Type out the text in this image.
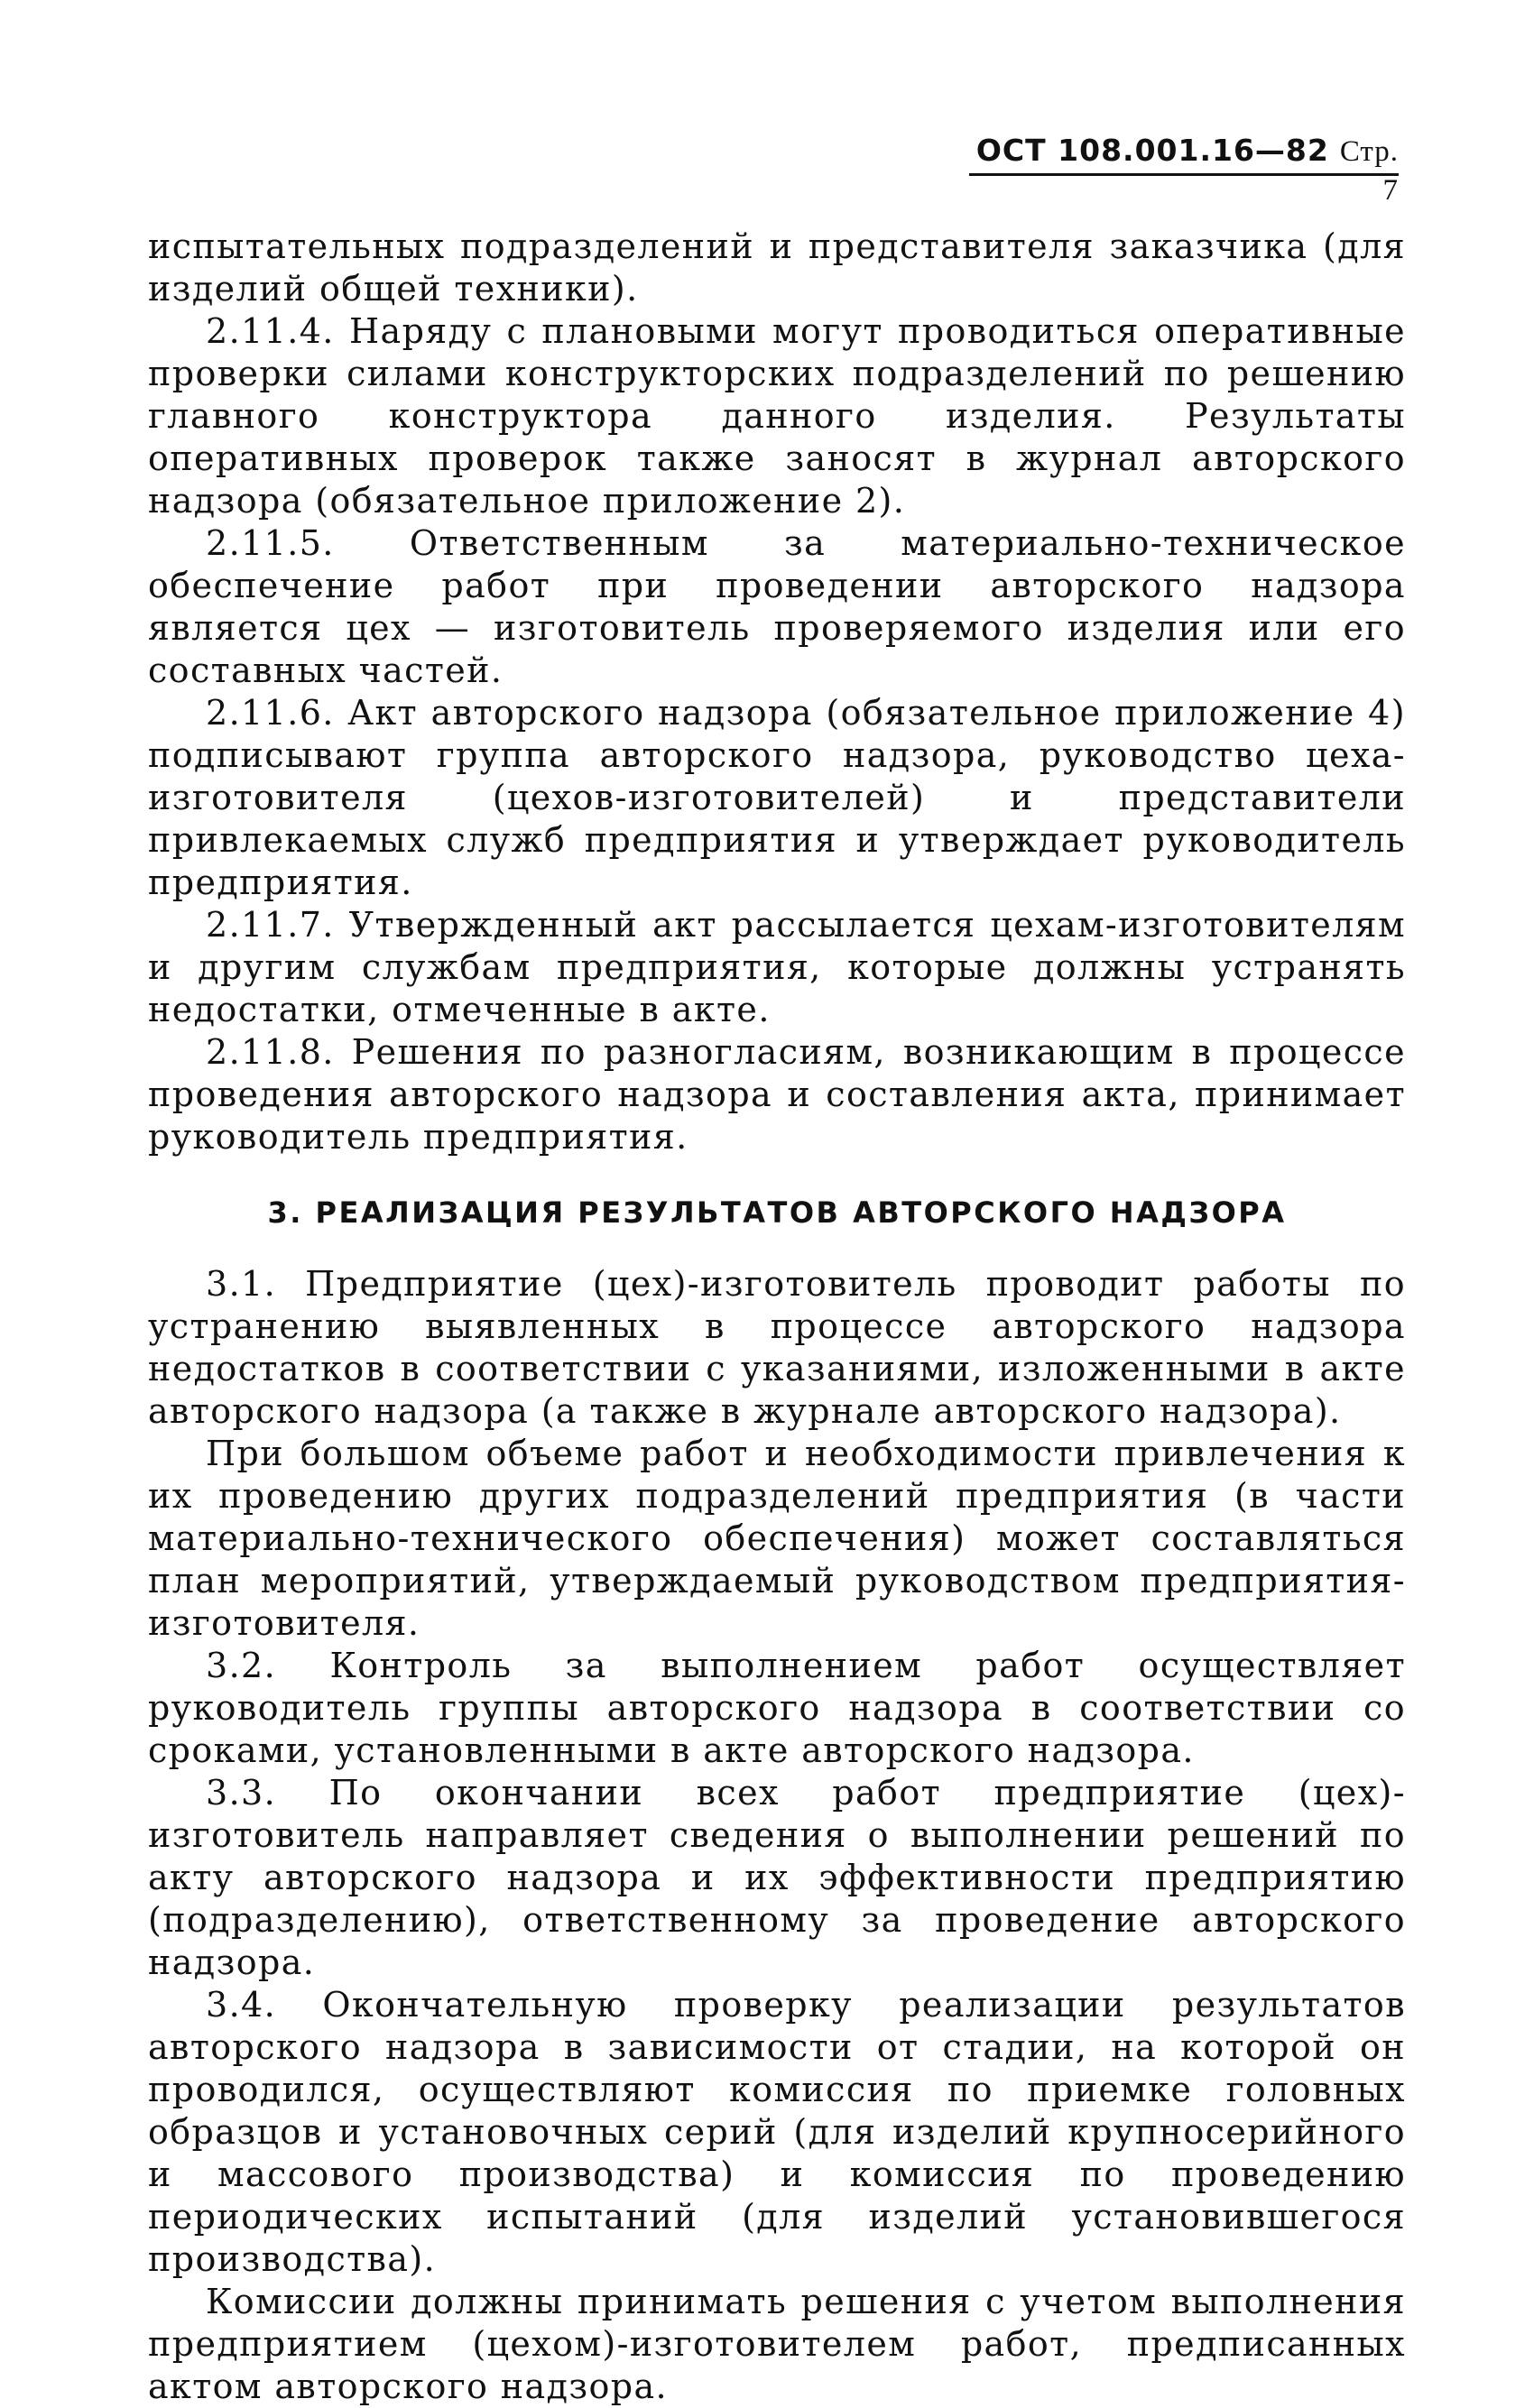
ОСТ 108.001.16—82 Стр. 7

испытательных подразделений и представителя заказчика (для изделий общей техники).

2.11.4. Наряду с плановыми могут проводиться оперативные проверки силами конструкторских подразделений по решению главного конструктора данного изделия. Результаты оперативных проверок также заносят в журнал авторского надзора (обязательное приложение 2).

2.11.5. Ответственным за материально-техническое обеспечение работ при проведении авторского надзора является цех — изготовитель проверяемого изделия или его составных частей.

2.11.6. Акт авторского надзора (обязательное приложение 4) подписывают группа авторского надзора, руководство цеха-изготовителя (цехов-изготовителей) и представители привлекаемых служб предприятия и утверждает руководитель предприятия.

2.11.7. Утвержденный акт рассылается цехам-изготовителям и другим службам предприятия, которые должны устранять недостатки, отмеченные в акте.

2.11.8. Решения по разногласиям, возникающим в процессе проведения авторского надзора и составления акта, принимает руководитель предприятия.

3. РЕАЛИЗАЦИЯ РЕЗУЛЬТАТОВ АВТОРСКОГО НАДЗОРА

3.1. Предприятие (цех)-изготовитель проводит работы по устранению выявленных в процессе авторского надзора недостатков в соответствии с указаниями, изложенными в акте авторского надзора (а также в журнале авторского надзора).

При большом объеме работ и необходимости привлечения к их проведению других подразделений предприятия (в части материально-технического обеспечения) может составляться план мероприятий, утверждаемый руководством предприятия-изготовителя.

3.2. Контроль за выполнением работ осуществляет руководитель группы авторского надзора в соответствии со сроками, установленными в акте авторского надзора.

3.3. По окончании всех работ предприятие (цех)-изготовитель направляет сведения о выполнении решений по акту авторского надзора и их эффективности предприятию (подразделению), ответственному за проведение авторского надзора.

3.4. Окончательную проверку реализации результатов авторского надзора в зависимости от стадии, на которой он проводился, осуществляют комиссия по приемке головных образцов и установочных серий (для изделий крупносерийного и массового производства) и комиссия по проведению периодических испытаний (для изделий установившегося производства).

Комиссии должны принимать решения с учетом выполнения предприятием (цехом)-изготовителем работ, предписанных актом авторского надзора.
